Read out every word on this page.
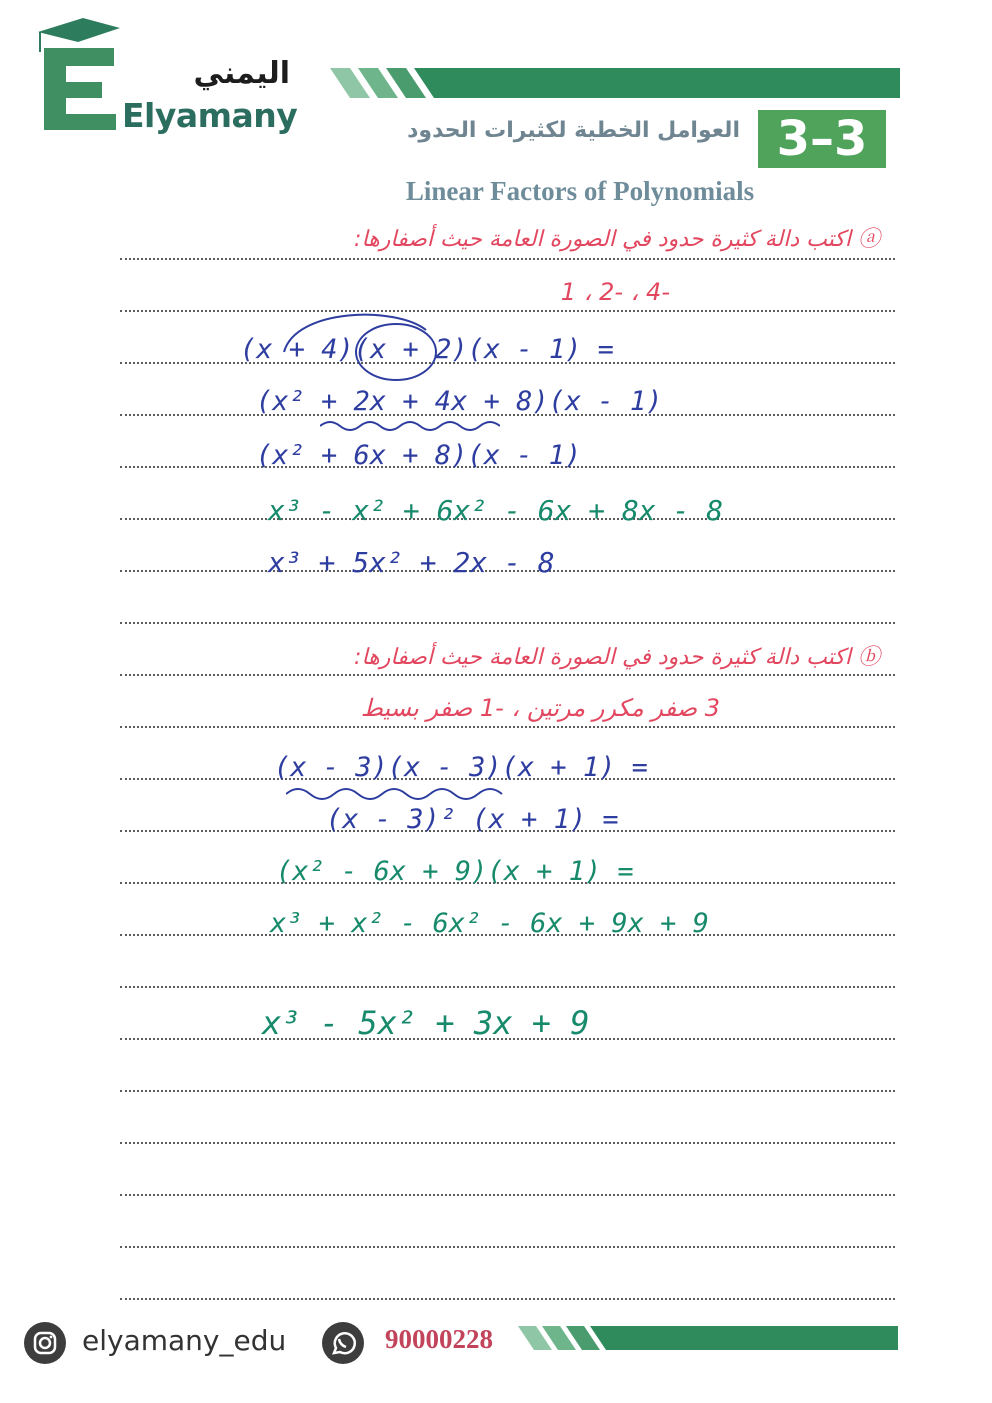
اليمني
Elyamany	3–3
العوامل الخطية لكثيرات الحدود
Linear Factors of Polynomials
ⓐ اكتب دالة كثيرة حدود في الصورة العامة حيث أصفارها:
-4 ، -2 ، 1
(x + 4)(x + 2)(x - 1) =
(x² + 2x + 4x + 8)(x - 1)
(x² + 6x + 8)(x - 1)
x³ - x² + 6x² - 6x + 8x - 8
x³ + 5x² + 2x - 8
ⓑ اكتب دالة كثيرة حدود في الصورة العامة حيث أصفارها:
3 صفر مكرر مرتين ، -1 صفر بسيط
(x - 3)(x - 3)(x + 1) =
(x - 3)² (x + 1) =
(x² - 6x + 9)(x + 1) =
x³ + x² - 6x² - 6x + 9x + 9
x³ - 5x² + 3x + 9
elyamany_edu	90000228
